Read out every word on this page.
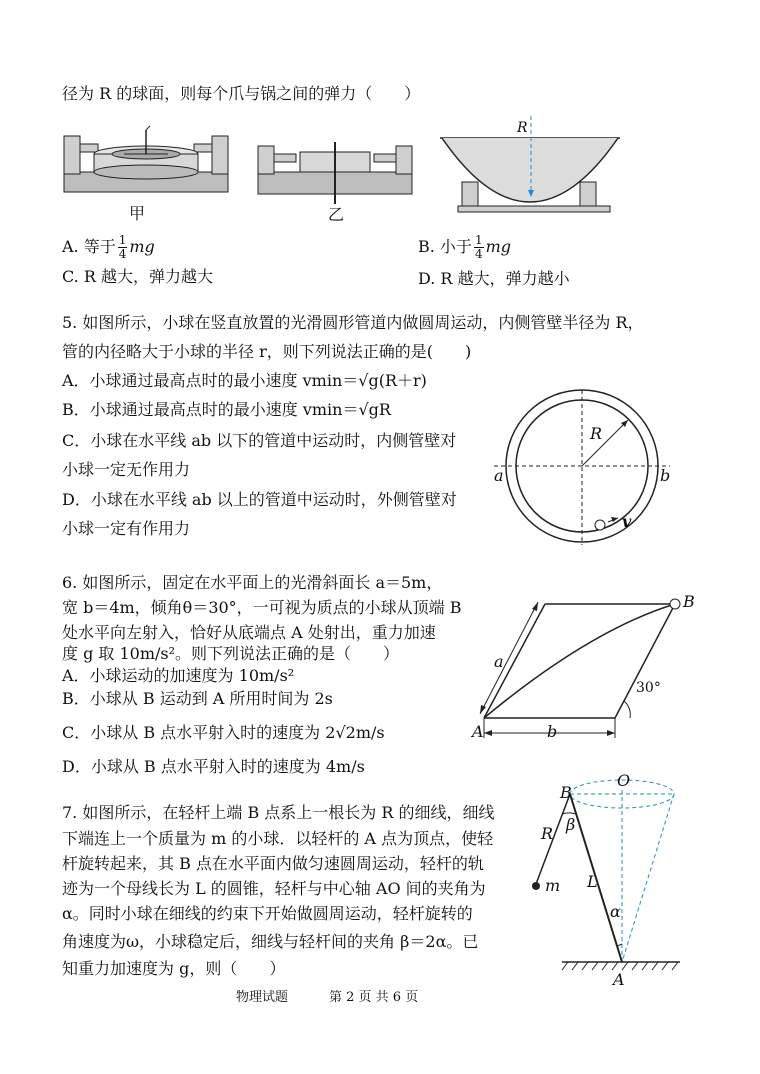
径为 R 的球面，则每个爪与锅之间的弹力（　　）
甲	乙
R
A. 等于 $\frac{1}{4}$ mg	B. 小于 $\frac{1}{4}$ mg
C. R 越大，弹力越大	D. R 越大，弹力越小
5. 如图所示，小球在竖直放置的光滑圆形管道内做圆周运动，内侧管壁半径为 R，
管的内径略大于小球的半径 r，则下列说法正确的是(　　)
A．小球通过最高点时的最小速度 vmin＝√g(R＋r)
B．小球通过最高点时的最小速度 vmin＝√gR
C．小球在水平线 ab 以下的管道中运动时，内侧管壁对
小球一定无作用力
D．小球在水平线 ab 以上的管道中运动时，外侧管壁对
小球一定有作用力
R
a	b
v
6. 如图所示，固定在水平面上的光滑斜面长 a＝5m，
宽 b＝4m，倾角θ＝30°，一可视为质点的小球从顶端 B
处水平向左射入，恰好从底端点 A 处射出，重力加速
度 g 取 10m/s²。则下列说法正确的是（　　）
A．小球运动的加速度为 10m/s²
B．小球从 B 运动到 A 所用时间为 2s
C．小球从 B 点水平射入时的速度为 2√2m/s
D．小球从 B 点水平射入时的速度为 4m/s
B
a
A	b
30°
7. 如图所示，在轻杆上端 B 点系上一根长为 R 的细线，细线
下端连上一个质量为 m 的小球．以轻杆的 A 点为顶点，使轻
杆旋转起来，其 B 点在水平面内做匀速圆周运动，轻杆的轨
迹为一个母线长为 L 的圆锥，轻杆与中心轴 AO 间的夹角为
α。同时小球在细线的约束下开始做圆周运动，轻杆旋转的
角速度为ω，小球稳定后，细线与轻杆间的夹角 β＝2α。已
知重力加速度为 g，则（　　）
B
O
R β
L
m
α
A
物理试题	第 2 页 共 6 页
